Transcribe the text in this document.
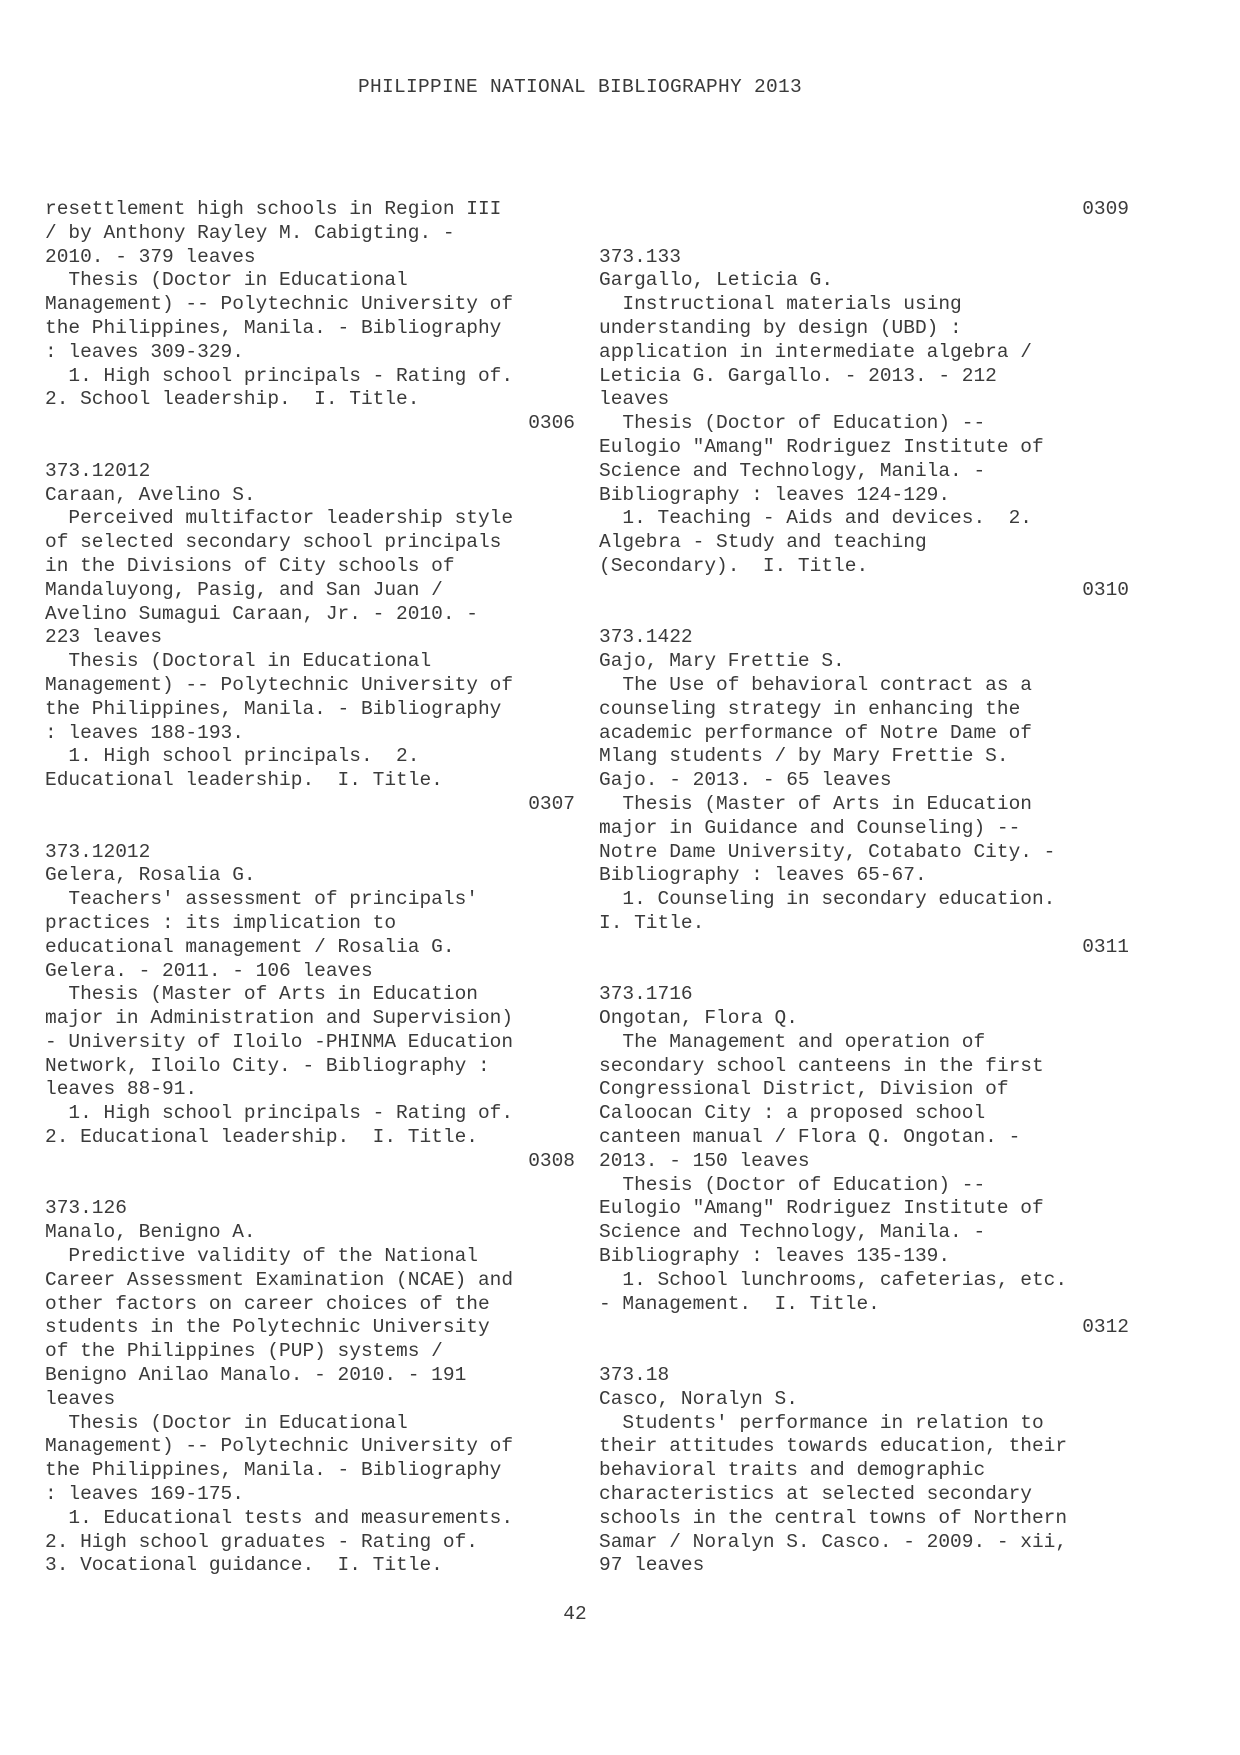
PHILIPPINE NATIONAL BIBLIOGRAPHY 2013
resettlement high schools in Region III
/ by Anthony Rayley M. Cabigting. -
2010. - 379 leaves
Thesis (Doctor in Educational
Management) -- Polytechnic University of
the Philippines, Manila. - Bibliography
: leaves 309-329.
1. High school principals - Rating of.
2. School leadership.  I. Title.
0306
373.12012
Caraan, Avelino S.
Perceived multifactor leadership style
of selected secondary school principals
in the Divisions of City schools of
Mandaluyong, Pasig, and San Juan /
Avelino Sumagui Caraan, Jr. - 2010. -
223 leaves
Thesis (Doctoral in Educational
Management) -- Polytechnic University of
the Philippines, Manila. - Bibliography
: leaves 188-193.
1. High school principals.  2.
Educational leadership.  I. Title.
0307
373.12012
Gelera, Rosalia G.
Teachers' assessment of principals'
practices : its implication to
educational management / Rosalia G.
Gelera. - 2011. - 106 leaves
Thesis (Master of Arts in Education
major in Administration and Supervision)
- University of Iloilo -PHINMA Education
Network, Iloilo City. - Bibliography :
leaves 88-91.
1. High school principals - Rating of.
2. Educational leadership.  I. Title.
0308
373.126
Manalo, Benigno A.
Predictive validity of the National
Career Assessment Examination (NCAE) and
other factors on career choices of the
students in the Polytechnic University
of the Philippines (PUP) systems /
Benigno Anilao Manalo. - 2010. - 191
leaves
Thesis (Doctor in Educational
Management) -- Polytechnic University of
the Philippines, Manila. - Bibliography
: leaves 169-175.
1. Educational tests and measurements.
2. High school graduates - Rating of.
3. Vocational guidance.  I. Title.
0309
373.133
Gargallo, Leticia G.
Instructional materials using
understanding by design (UBD) :
application in intermediate algebra /
Leticia G. Gargallo. - 2013. - 212
leaves
Thesis (Doctor of Education) --
Eulogio "Amang" Rodriguez Institute of
Science and Technology, Manila. -
Bibliography : leaves 124-129.
1. Teaching - Aids and devices.  2.
Algebra - Study and teaching
(Secondary).  I. Title.
0310
373.1422
Gajo, Mary Frettie S.
The Use of behavioral contract as a
counseling strategy in enhancing the
academic performance of Notre Dame of
Mlang students / by Mary Frettie S.
Gajo. - 2013. - 65 leaves
Thesis (Master of Arts in Education
major in Guidance and Counseling) --
Notre Dame University, Cotabato City. -
Bibliography : leaves 65-67.
1. Counseling in secondary education.
I. Title.
0311
373.1716
Ongotan, Flora Q.
The Management and operation of
secondary school canteens in the first
Congressional District, Division of
Caloocan City : a proposed school
canteen manual / Flora Q. Ongotan. -
2013. - 150 leaves
Thesis (Doctor of Education) --
Eulogio "Amang" Rodriguez Institute of
Science and Technology, Manila. -
Bibliography : leaves 135-139.
1. School lunchrooms, cafeterias, etc.
- Management.  I. Title.
0312
373.18
Casco, Noralyn S.
Students' performance in relation to
their attitudes towards education, their
behavioral traits and demographic
characteristics at selected secondary
schools in the central towns of Northern
Samar / Noralyn S. Casco. - 2009. - xii,
97 leaves
42
